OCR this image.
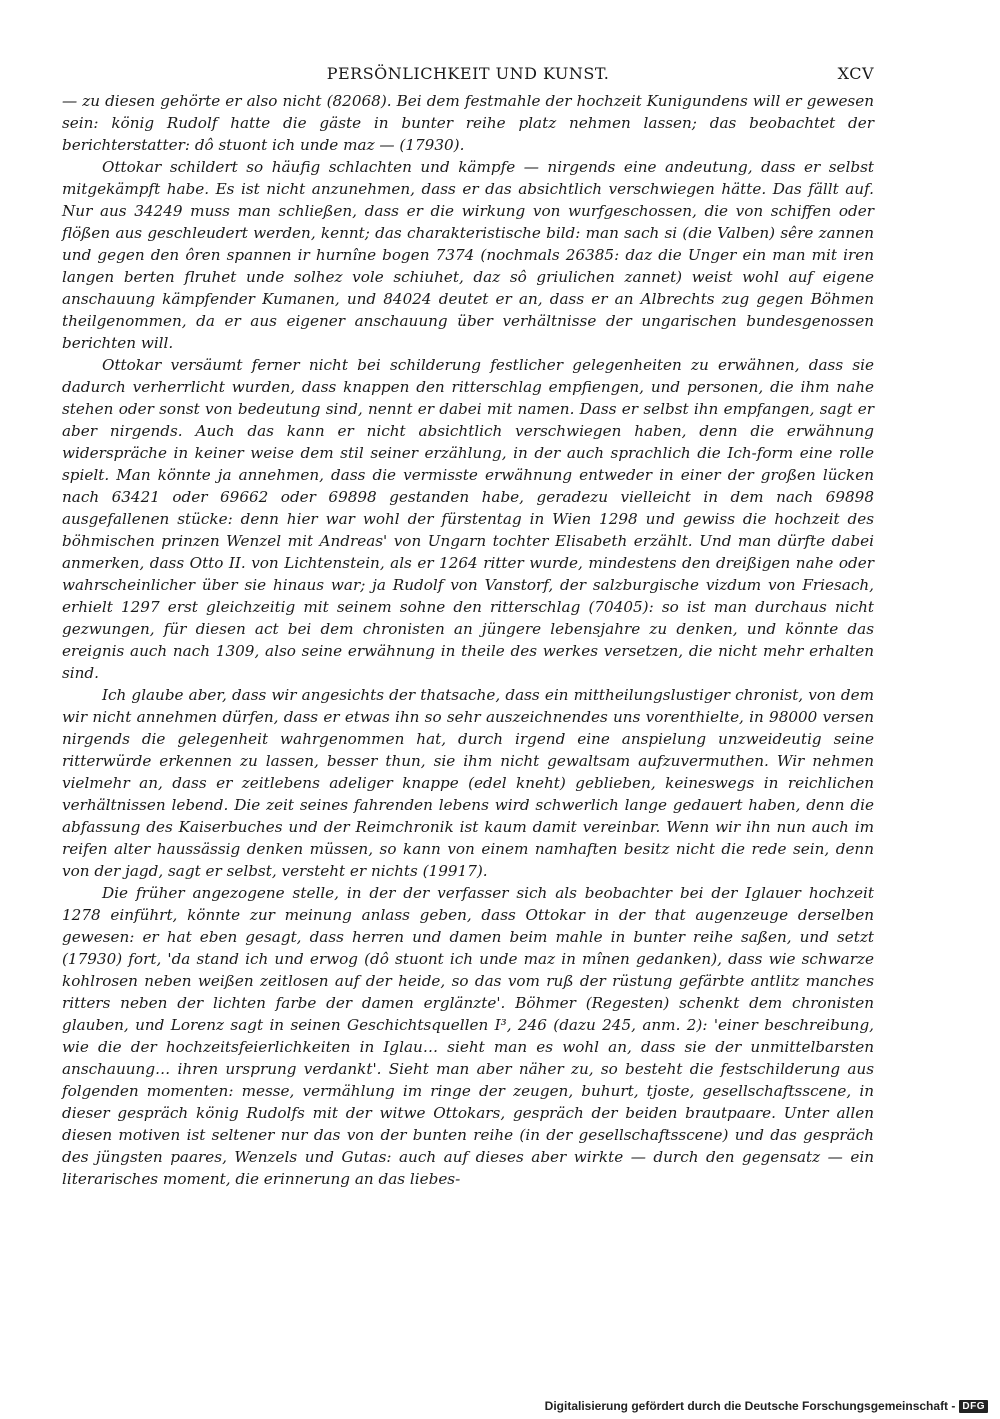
PERSÖNLICHKEIT UND KUNST.	XCV

— zu diesen gehörte er also nicht (82068). Bei dem festmahle der hochzeit Kunigundens will er gewesen sein: könig Rudolf hatte die gäste in bunter reihe platz nehmen lassen; das beobachtet der berichterstatter: dô stuont ich unde maz — (17930).

Ottokar schildert so häufig schlachten und kämpfe — nirgends eine andeutung, dass er selbst mitgekämpft habe. Es ist nicht anzunehmen, dass er das absichtlich verschwiegen hätte. Das fällt auf. Nur aus 34249 muss man schließen, dass er die wirkung von wurfgeschossen, die von schiffen oder flößen aus geschleudert werden, kennt; das charakteristische bild: man sach si (die Valben) sêre zannen und gegen den ôren spannen ir hurnîne bogen 7374 (nochmals 26385: daz die Unger ein man mit iren langen berten flruhet unde solhez vole schiuhet, daz sô griulichen zannet) weist wohl auf eigene anschauung kämpfender Kumanen, und 84024 deutet er an, dass er an Albrechts zug gegen Böhmen theilgenommen, da er aus eigener anschauung über verhältnisse der ungarischen bundesgenossen berichten will.

Ottokar versäumt ferner nicht bei schilderung festlicher gelegenheiten zu erwähnen, dass sie dadurch verherrlicht wurden, dass knappen den ritterschlag empfiengen, und personen, die ihm nahe stehen oder sonst von bedeutung sind, nennt er dabei mit namen. Dass er selbst ihn empfangen, sagt er aber nirgends. Auch das kann er nicht absichtlich verschwiegen haben, denn die erwähnung widerspräche in keiner weise dem stil seiner erzählung, in der auch sprachlich die Ich-form eine rolle spielt. Man könnte ja annehmen, dass die vermisste erwähnung entweder in einer der großen lücken nach 63421 oder 69662 oder 69898 gestanden habe, geradezu vielleicht in dem nach 69898 ausgefallenen stücke: denn hier war wohl der fürstentag in Wien 1298 und gewiss die hochzeit des böhmischen prinzen Wenzel mit Andreas' von Ungarn tochter Elisabeth erzählt. Und man dürfte dabei anmerken, dass Otto II. von Lichtenstein, als er 1264 ritter wurde, mindestens den dreißigen nahe oder wahrscheinlicher über sie hinaus war; ja Rudolf von Vanstorf, der salzburgische vizdum von Friesach, erhielt 1297 erst gleichzeitig mit seinem sohne den ritterschlag (70405): so ist man durchaus nicht gezwungen, für diesen act bei dem chronisten an jüngere lebensjahre zu denken, und könnte das ereignis auch nach 1309, also seine erwähnung in theile des werkes versetzen, die nicht mehr erhalten sind.

Ich glaube aber, dass wir angesichts der thatsache, dass ein mittheilungslustiger chronist, von dem wir nicht annehmen dürfen, dass er etwas ihn so sehr auszeichnendes uns vorenthielte, in 98000 versen nirgends die gelegenheit wahrgenommen hat, durch irgend eine anspielung unzweideutig seine ritterwürde erkennen zu lassen, besser thun, sie ihm nicht gewaltsam aufzuvermuthen. Wir nehmen vielmehr an, dass er zeitlebens adeliger knappe (edel kneht) geblieben, keineswegs in reichlichen verhältnissen lebend. Die zeit seines fahrenden lebens wird schwerlich lange gedauert haben, denn die abfassung des Kaiserbuches und der Reimchronik ist kaum damit vereinbar. Wenn wir ihn nun auch im reifen alter haussässig denken müssen, so kann von einem namhaften besitz nicht die rede sein, denn von der jagd, sagt er selbst, versteht er nichts (19917).

Die früher angezogene stelle, in der der verfasser sich als beobachter bei der Iglauer hochzeit 1278 einführt, könnte zur meinung anlass geben, dass Ottokar in der that augenzeuge derselben gewesen: er hat eben gesagt, dass herren und damen beim mahle in bunter reihe saßen, und setzt (17930) fort, 'da stand ich und erwog (dô stuont ich unde maz in mînen gedanken), dass wie schwarze kohlrosen neben weißen zeitlosen auf der heide, so das vom ruß der rüstung gefärbte antlitz manches ritters neben der lichten farbe der damen erglänzte'. Böhmer (Regesten) schenkt dem chronisten glauben, und Lorenz sagt in seinen Geschichtsquellen I³, 246 (dazu 245, anm. 2): 'einer beschreibung, wie die der hochzeitsfeierlichkeiten in Iglau… sieht man es wohl an, dass sie der unmittelbarsten anschauung… ihren ursprung verdankt'. Sieht man aber näher zu, so besteht die festschilderung aus folgenden momenten: messe, vermählung im ringe der zeugen, buhurt, tjoste, gesellschaftsscene, in dieser gespräch könig Rudolfs mit der witwe Ottokars, gespräch der beiden brautpaare. Unter allen diesen motiven ist seltener nur das von der bunten reihe (in der gesellschaftsscene) und das gespräch des jüngsten paares, Wenzels und Gutas: auch auf dieses aber wirkte — durch den gegensatz — ein literarisches moment, die erinnerung an das liebes-

Digitalisierung gefördert durch die Deutsche Forschungsgemeinschaft - DFG
